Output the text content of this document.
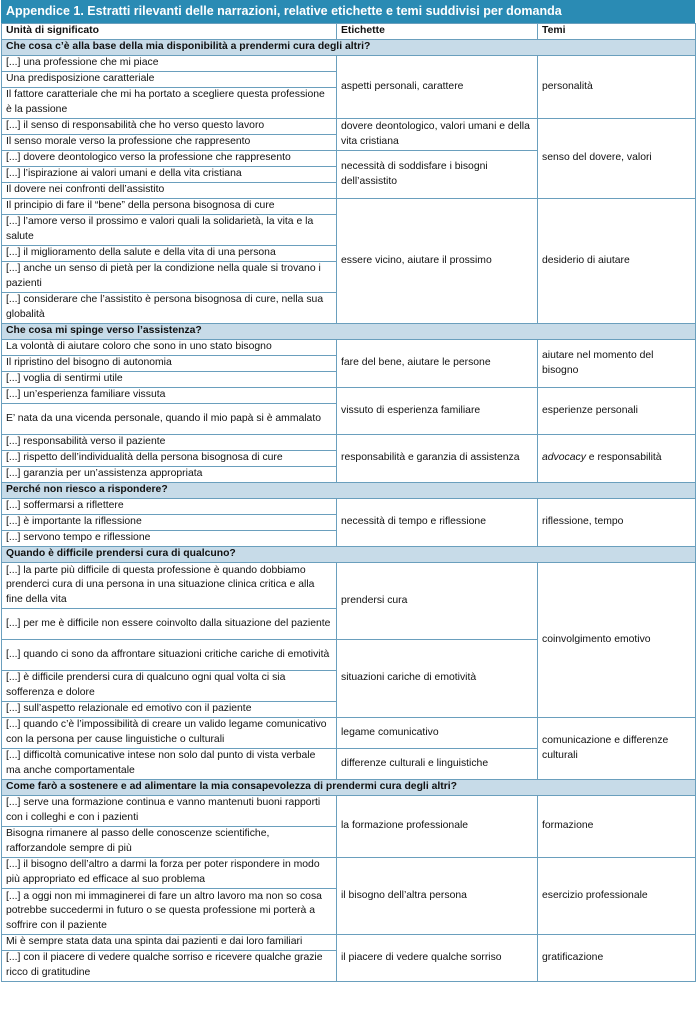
Appendice 1. Estratti rilevanti delle narrazioni, relative etichette e temi suddivisi per domanda
Unità di significato	Etichette	Temi
Che cosa c’è alla base della mia disponibilità a prendermi cura degli altri?		
[...] una professione che mi piace	aspetti personali, carattere	personalità
Una predisposizione caratteriale		
Il fattore caratteriale che mi ha portato a scegliere questa professione è la passione		
[...] il senso di responsabilità che ho verso questo lavoro	dovere deontologico, valori umani e della vita cristiana	senso del dovere, valori
Il senso morale verso la professione che rappresento		
[...] dovere deontologico verso la professione che rappresento	necessità di soddisfare i bisogni dell’assistito	
[...] l’ispirazione ai valori umani e della vita cristiana		
Il dovere nei confronti dell’assistito		
Il principio di fare il “bene” della persona bisognosa di cure	essere vicino, aiutare il prossimo	desiderio di aiutare
[...] l’amore verso il prossimo e valori quali la solidarietà, la vita e la salute		
[...] il miglioramento della salute e della vita di una persona		
[...] anche un senso di pietà per la condizione nella quale si trovano i pazienti		
[...] considerare che l’assistito è persona bisognosa di cure, nella sua globalità		
Che cosa mi spinge verso l’assistenza?		
La volontà di aiutare coloro che sono in uno stato bisogno	fare del bene, aiutare le persone	aiutare nel momento del bisogno
Il ripristino del bisogno di autonomia		
[...] voglia di sentirmi utile		
[...] un’esperienza familiare vissuta	vissuto di esperienza familiare	esperienze personali
E’ nata da una vicenda personale, quando il mio papà si è ammalato		
[...] responsabilità verso il paziente	responsabilità e garanzia di assistenza	advocacy e responsabilità
[...] rispetto dell’individualità della persona bisognosa di cure		
[...] garanzia per un’assistenza appropriata		
Perché non riesco a rispondere?		
[...] soffermarsi a riflettere	necessità di tempo e riflessione	riflessione, tempo
[...] è importante la riflessione		
[...] servono tempo e riflessione		
Quando è difficile prendersi cura di qualcuno?		
[...] la parte più difficile di questa professione è quando dobbiamo prenderci cura di una persona in una situazione clinica critica e alla fine della vita	prendersi cura	coinvolgimento emotivo
[...] per me è difficile non essere coinvolto dalla situazione del paziente		
[...] quando ci sono da affrontare situazioni critiche cariche di emotività	situazioni cariche di emotività	
[...] è difficile prendersi cura di qualcuno ogni qual volta ci sia sofferenza e dolore		
[...] sull’aspetto relazionale ed emotivo con il paziente		
[...] quando c’è l’impossibilità di creare un valido legame comunicativo con la persona per cause linguistiche o culturali	legame comunicativo	comunicazione e differenze culturali
[...] difficoltà comunicative intese non solo dal punto di vista verbale ma anche comportamentale	differenze culturali e linguistiche	
Come farò a sostenere e ad alimentare la mia consapevolezza di prendermi cura degli altri?		
[...] serve una formazione continua e vanno mantenuti buoni rapporti con i colleghi e con i pazienti	la formazione professionale	formazione
Bisogna rimanere al passo delle conoscenze scientifiche, rafforzandole sempre di più		
[...] il bisogno dell’altro a darmi la forza per poter rispondere in modo più appropriato ed efficace al suo problema	il bisogno dell’altra persona	esercizio professionale
[...] a oggi non mi immaginerei di fare un altro lavoro ma non so cosa potrebbe succedermi in futuro o se questa professione mi porterà a soffrire con il paziente		
Mi è sempre stata data una spinta dai pazienti e dai loro familiari	il piacere di vedere qualche sorriso	gratificazione
[...] con il piacere di vedere qualche sorriso e ricevere qualche grazie ricco di gratitudine		
